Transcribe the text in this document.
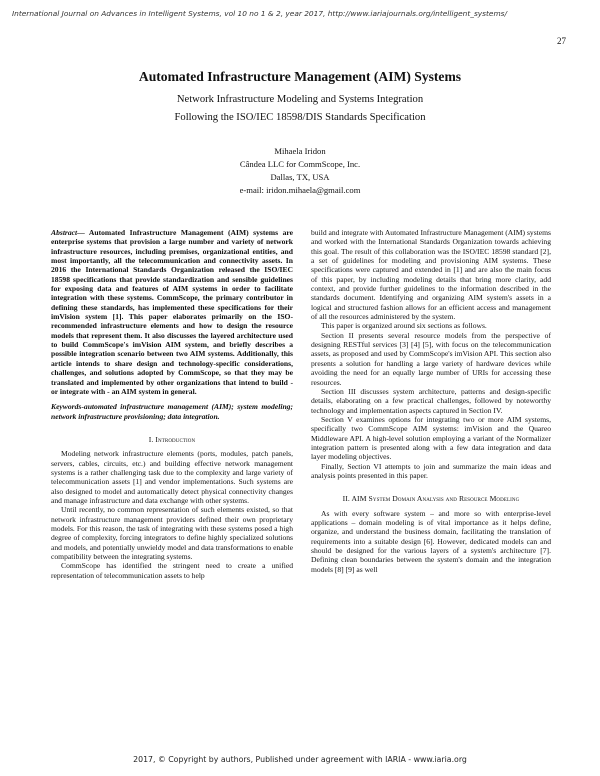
International Journal on Advances in Intelligent Systems, vol 10 no 1 & 2, year 2017, http://www.iariajournals.org/intelligent_systems/
27
Automated Infrastructure Management (AIM) Systems
Network Infrastructure Modeling and Systems Integration
Following the ISO/IEC 18598/DIS Standards Specification
Mihaela Iridon
Cândea LLC for CommScope, Inc.
Dallas, TX, USA
e-mail: iridon.mihaela@gmail.com

Abstract— Automated Infrastructure Management (AIM) systems are enterprise systems that provision a large number and variety of network infrastructure resources, including premises, organizational entities, and most importantly, all the telecommunication and connectivity assets. In 2016 the International Standards Organization released the ISO/IEC 18598 specifications that provide standardization and sensible guidelines for exposing data and features of AIM systems in order to facilitate integration with these systems. CommScope, the primary contributor in defining these standards, has implemented these specifications for their imVision system [1]. This paper elaborates primarily on the ISO-recommended infrastructure elements and how to design the resource models that represent them. It also discusses the layered architecture used to build CommScope's imVision AIM system, and briefly describes a possible integration scenario between two AIM systems. Additionally, this article intends to share design and technology-specific considerations, challenges, and solutions adopted by CommScope, so that they may be translated and implemented by other organizations that intend to build - or integrate with - an AIM system in general.

Keywords-automated infrastructure management (AIM); system modeling; network infrastructure provisioning; data integration.

I. Introduction

Modeling network infrastructure elements (ports, modules, patch panels, servers, cables, circuits, etc.) and building effective network management systems is a rather challenging task due to the complexity and large variety of telecommunication assets [1] and vendor implementations. Such systems are also designed to model and automatically detect physical connectivity changes and manage infrastructure and data exchange with other systems.

Until recently, no common representation of such elements existed, so that network infrastructure management providers defined their own proprietary models. For this reason, the task of integrating with these systems posed a high degree of complexity, forcing integrators to define highly specialized solutions and models, and potentially unwieldy model and data transformations to enable compatibility between the integrating systems.

CommScope has identified the stringent need to create a unified representation of telecommunication assets to help

build and integrate with Automated Infrastructure Management (AIM) systems and worked with the International Standards Organization towards achieving this goal. The result of this collaboration was the ISO/IEC 18598 standard [2], a set of guidelines for modeling and provisioning AIM systems. These specifications were captured and extended in [1] and are also the main focus of this paper, by including modeling details that bring more clarity, add context, and provide further guidelines to the information described in the standards document. Identifying and organizing AIM system's assets in a logical and structured fashion allows for an efficient access and management of all the resources administered by the system.

This paper is organized around six sections as follows.

Section II presents several resource models from the perspective of designing RESTful services [3] [4] [5], with focus on the telecommunication assets, as proposed and used by CommScope's imVision API. This section also presents a solution for handling a large variety of hardware devices while avoiding the need for an equally large number of URIs for accessing these resources.

Section III discusses system architecture, patterns and design-specific details, elaborating on a few practical challenges, followed by noteworthy technology and implementation aspects captured in Section IV.

Section V examines options for integrating two or more AIM systems, specifically two CommScope AIM systems: imVision and the Quareo Middleware API. A high-level solution employing a variant of the Normalizer integration pattern is presented along with a few data integration and data layer modeling objectives.

Finally, Section VI attempts to join and summarize the main ideas and analysis points presented in this paper.

II. AIM System Domain Analysis and Resource Modeling

As with every software system – and more so with enterprise-level applications – domain modeling is of vital importance as it helps define, organize, and understand the business domain, facilitating the translation of requirements into a suitable design [6]. However, dedicated models can and should be designed for the various layers of a system's architecture [7]. Defining clean boundaries between the system's domain and the integration models [8] [9] as well

2017, © Copyright by authors, Published under agreement with IARIA - www.iaria.org
